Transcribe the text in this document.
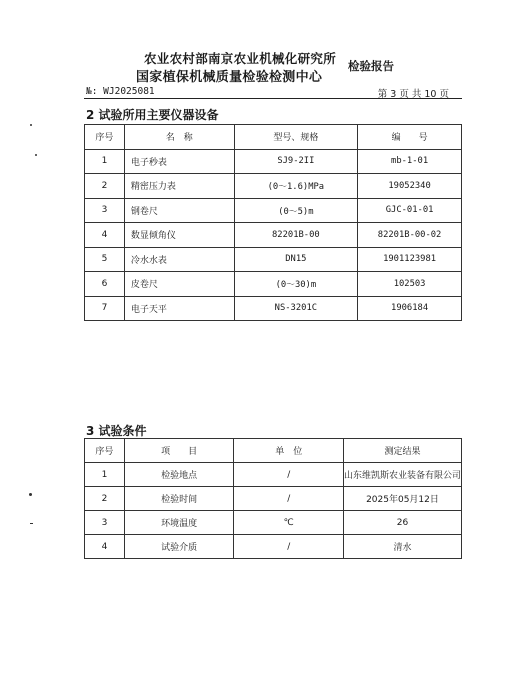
农业农村部南京农业机械化研究所
国家植保机械质量检验检测中心
检验报告
№: WJ2025081	第 3 页 共 10 页
2 试验所用主要仪器设备
序号	名　称	型号、规格	编　　号
1	电子秒表	SJ9-2II	mb-1-01
2	精密压力表	(0～1.6)MPa	19052340
3	钢卷尺	(0～5)m	GJC-01-01
4	数显倾角仪	82201B-00	82201B-00-02
5	冷水水表	DN15	1901123981
6	皮卷尺	(0～30)m	102503
7	电子天平	NS-3201C	1906184
3 试验条件
序号	项　　目	单　位	测定结果
1	检验地点	/	山东维凯斯农业装备有限公司
2	检验时间	/	2025年05月12日
3	环境温度	℃	26
4	试验介质	/	清水
